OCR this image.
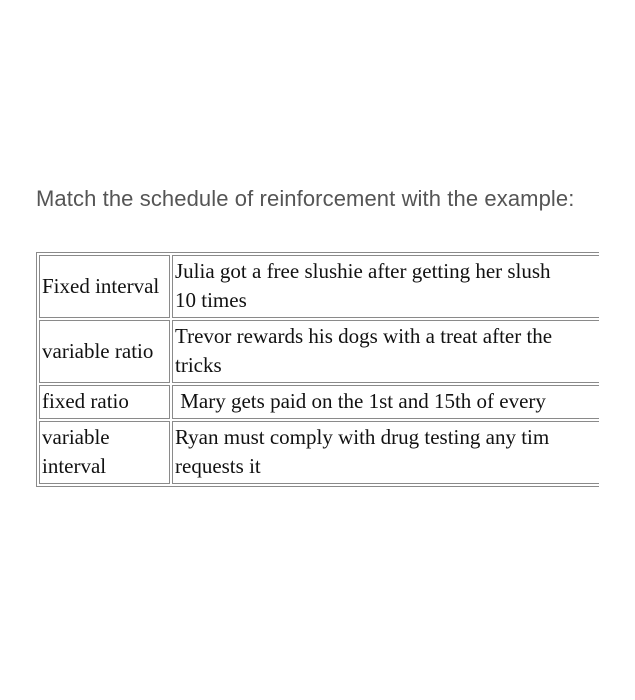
Match the schedule of reinforcement with the example:
Fixed interval	Julia got a free slushie after getting her slush
10 times

variable ratio	Trevor rewards his dogs with a treat after the
tricks

fixed ratio	Mary gets paid on the 1st and 15th of every

variable interval	Ryan must comply with drug testing any tim
requests it
